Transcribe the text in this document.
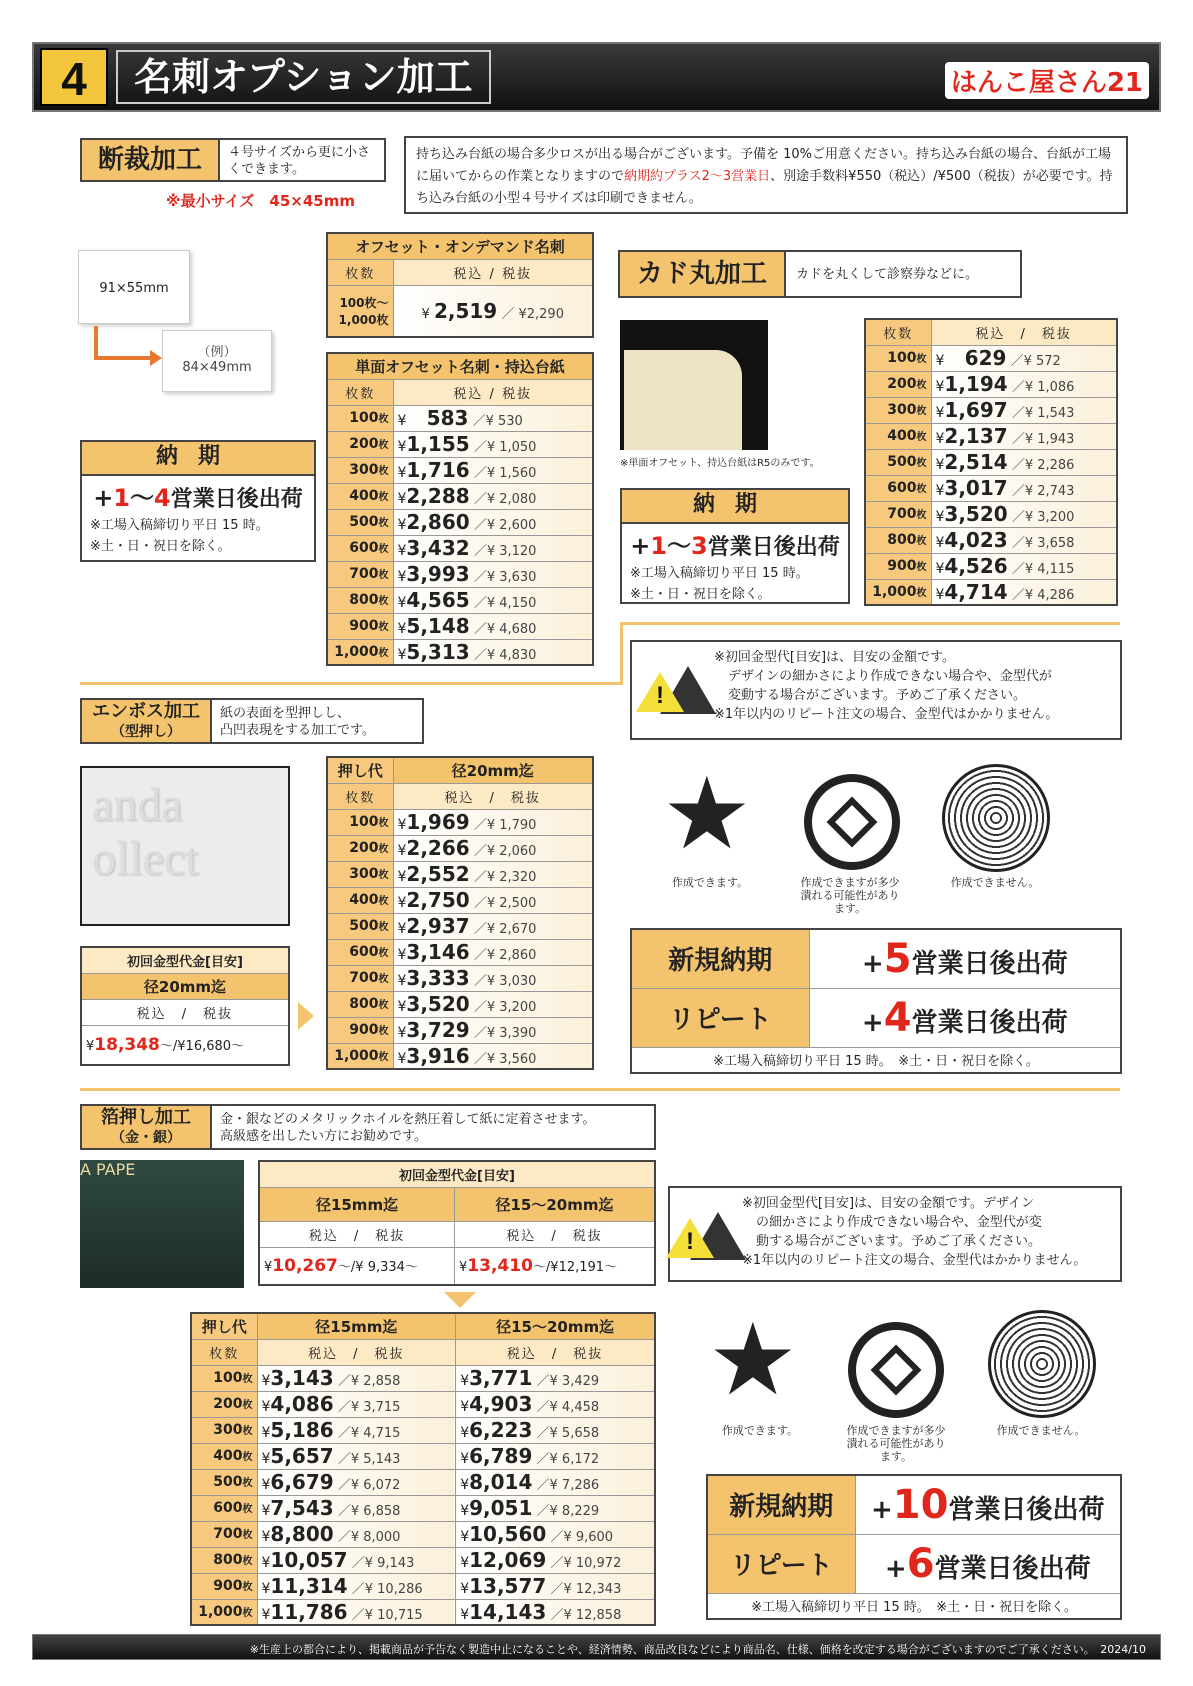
4	名刺オプション加工	はんこ屋さん21
断裁加工	４号サイズから更に小さくできます。
※最小サイズ　45×45mm
持ち込み台紙の場合多少ロスが出る場合がございます。予備を 10%ご用意ください。持ち込み台紙の場合、台紙が工場に届いてからの作業となりますので納期約プラス2～3営業日、別途手数料¥550（税込）/¥500（税抜）が必要です。持ち込み台紙の小型４号サイズは印刷できません。
91×55mm
（例）
84×49mm
納期
+1～4営業日後出荷
※工場入稿締切り平日 15 時。
※土・日・祝日を除く。
オフセット・オンデマンド名刺	
枚数	税込 / 税抜
100枚～1,000枚	¥ 2,519 ／ ¥2,290
単面オフセット名刺・持込台紙	
枚数	税込 / 税抜
100枚	¥ 583 ／¥ 530
200枚	¥1,155 ／¥ 1,050
300枚	¥1,716 ／¥ 1,560
400枚	¥2,288 ／¥ 2,080
500枚	¥2,860 ／¥ 2,600
600枚	¥3,432 ／¥ 3,120
700枚	¥3,993 ／¥ 3,630
800枚	¥4,565 ／¥ 4,150
900枚	¥5,148 ／¥ 4,680
1,000枚	¥5,313 ／¥ 4,830
カド丸加工	カドを丸くして診察券などに。
※単面オフセット、持込台紙はR5のみです。
納期
+1～3営業日後出荷
※工場入稿締切り平日 15 時。
※土・日・祝日を除く。
枚数	税込　/　税抜
100枚	¥ 629 ／¥ 572
200枚	¥1,194 ／¥ 1,086
300枚	¥1,697 ／¥ 1,543
400枚	¥2,137 ／¥ 1,943
500枚	¥2,514 ／¥ 2,286
600枚	¥3,017 ／¥ 2,743
700枚	¥3,520 ／¥ 3,200
800枚	¥4,023 ／¥ 3,658
900枚	¥4,526 ／¥ 4,115
1,000枚	¥4,714 ／¥ 4,286
!
※初回金型代[目安]は、目安の金額です。
デザインの細かさにより作成できない場合や、金型代が
変動する場合がございます。予めご了承ください。
※1年以内のリピート注文の場合、金型代はかかりません。
エンボス加工
（型押し）
紙の表面を型押しし、
凸凹表現をする加工です。
anda
ollect
初回金型代金[目安]
径20mm迄
税込　/　税抜
¥18,348～/¥16,680～
押し代	径20mm迄
枚数	税込　/　税抜
100枚	¥1,969 ／¥ 1,790
200枚	¥2,266 ／¥ 2,060
300枚	¥2,552 ／¥ 2,320
400枚	¥2,750 ／¥ 2,500
500枚	¥2,937 ／¥ 2,670
600枚	¥3,146 ／¥ 2,860
700枚	¥3,333 ／¥ 3,030
800枚	¥3,520 ／¥ 3,200
900枚	¥3,729 ／¥ 3,390
1,000枚	¥3,916 ／¥ 3,560
★
作成できます。	作成できますが多少潰れる可能性があります。
作成できません。
新規納期	+5営業日後出荷
リピート	+4営業日後出荷
※工場入稿締切り平日 15 時。　※土・日・祝日を除く。	
箔押し加工
（金・銀）
金・銀などのメタリックホイルを熱圧着して紙に定着させます。
高級感を出したい方にお勧めです。
A PAPE	初回金型代金[目安]	
径15mm迄	径15～20mm迄
税込　/　税抜	税込　/　税抜
¥10,267～/¥ 9,334～	¥13,410～/¥12,191～
!
※初回金型代[目安]は、目安の金額です。デザイン
の細かさにより作成できない場合や、金型代が変
動する場合がございます。予めご了承ください。
※1年以内のリピート注文の場合、金型代はかかりません。
押し代	径15mm迄	径15～20mm迄
枚数	税込　/　税抜	税込　/　税抜
100枚	¥3,143 ／¥ 2,858	¥3,771 ／¥ 3,429
200枚	¥4,086 ／¥ 3,715	¥4,903 ／¥ 4,458
300枚	¥5,186 ／¥ 4,715	¥6,223 ／¥ 5,658
400枚	¥5,657 ／¥ 5,143	¥6,789 ／¥ 6,172
500枚	¥6,679 ／¥ 6,072	¥8,014 ／¥ 7,286
600枚	¥7,543 ／¥ 6,858	¥9,051 ／¥ 8,229
700枚	¥8,800 ／¥ 8,000	¥10,560 ／¥ 9,600
800枚	¥10,057 ／¥ 9,143	¥12,069 ／¥ 10,972
900枚	¥11,314 ／¥ 10,286	¥13,577 ／¥ 12,343
1,000枚	¥11,786 ／¥ 10,715	¥14,143 ／¥ 12,858
★
作成できます。	作成できますが多少潰れる可能性があります。
作成できません。
新規納期	+10営業日後出荷
リピート	+6営業日後出荷
※工場入稿締切り平日 15 時。　※土・日・祝日を除く。	
※生産上の都合により、掲載商品が予告なく製造中止になることや、経済情勢、商品改良などにより商品名、仕様、価格を改定する場合がございますのでご了承ください。　2024/10
